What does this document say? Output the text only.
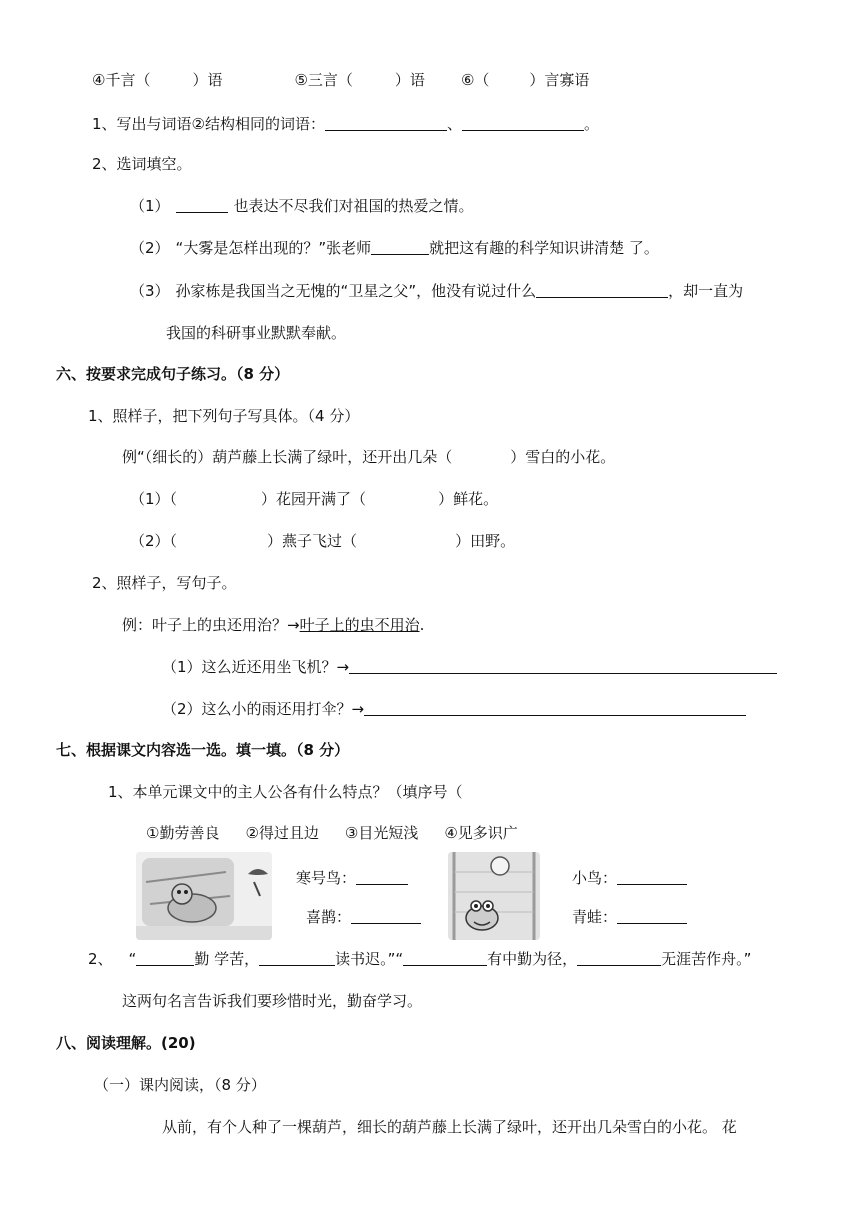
④千言（	）语	⑤三言（	）语 ⑥（	）言寡语
1、写出与词语②结构相同的词语：	、	。
2、选词填空。
（1）	也表达不尽我们对祖国的热爱之情。
（2） “大雾是怎样出现的？”张老师	就把这有趣的科学知识讲清楚 了。
（3） 孙家栋是我国当之无愧的“卫星之父”，他没有说过什么	，却一直为
我国的科研事业默默奉献。
六、按要求完成句子练习。（8 分）
1、照样子，把下列句子写具体。（4 分）
例“（细长的）葫芦藤上长满了绿叶，还开出几朵（	）雪白的小花。
（1）（	）花园开满了（	）鲜花。
（2）（	）燕子飞过（	）田野。
2、照样子，写句子。
例：叶子上的虫还用治？→叶子上的虫不用治.
（1）这么近还用坐飞机？→
（2）这么小的雨还用打伞？→
七、根据课文内容选一选。填一填。（8 分）
1、本单元课文中的主人公各有什么特点？（填序号（
①勤劳善良 ②得过且边 ③目光短浅 ④见多识广
寒号鸟：
喜鹊：
小鸟：
青蛙：
2、 “	勤 学苦，	读书迟。”“	有中勤为径，	无涯苦作舟。”
这两句名言告诉我们要珍惜时光，勤奋学习。
八、阅读理解。(20)
（一）课内阅读，（8 分）
从前，有个人种了一棵葫芦，细长的葫芦藤上长满了绿叶，还开出几朵雪白的小花。 花
